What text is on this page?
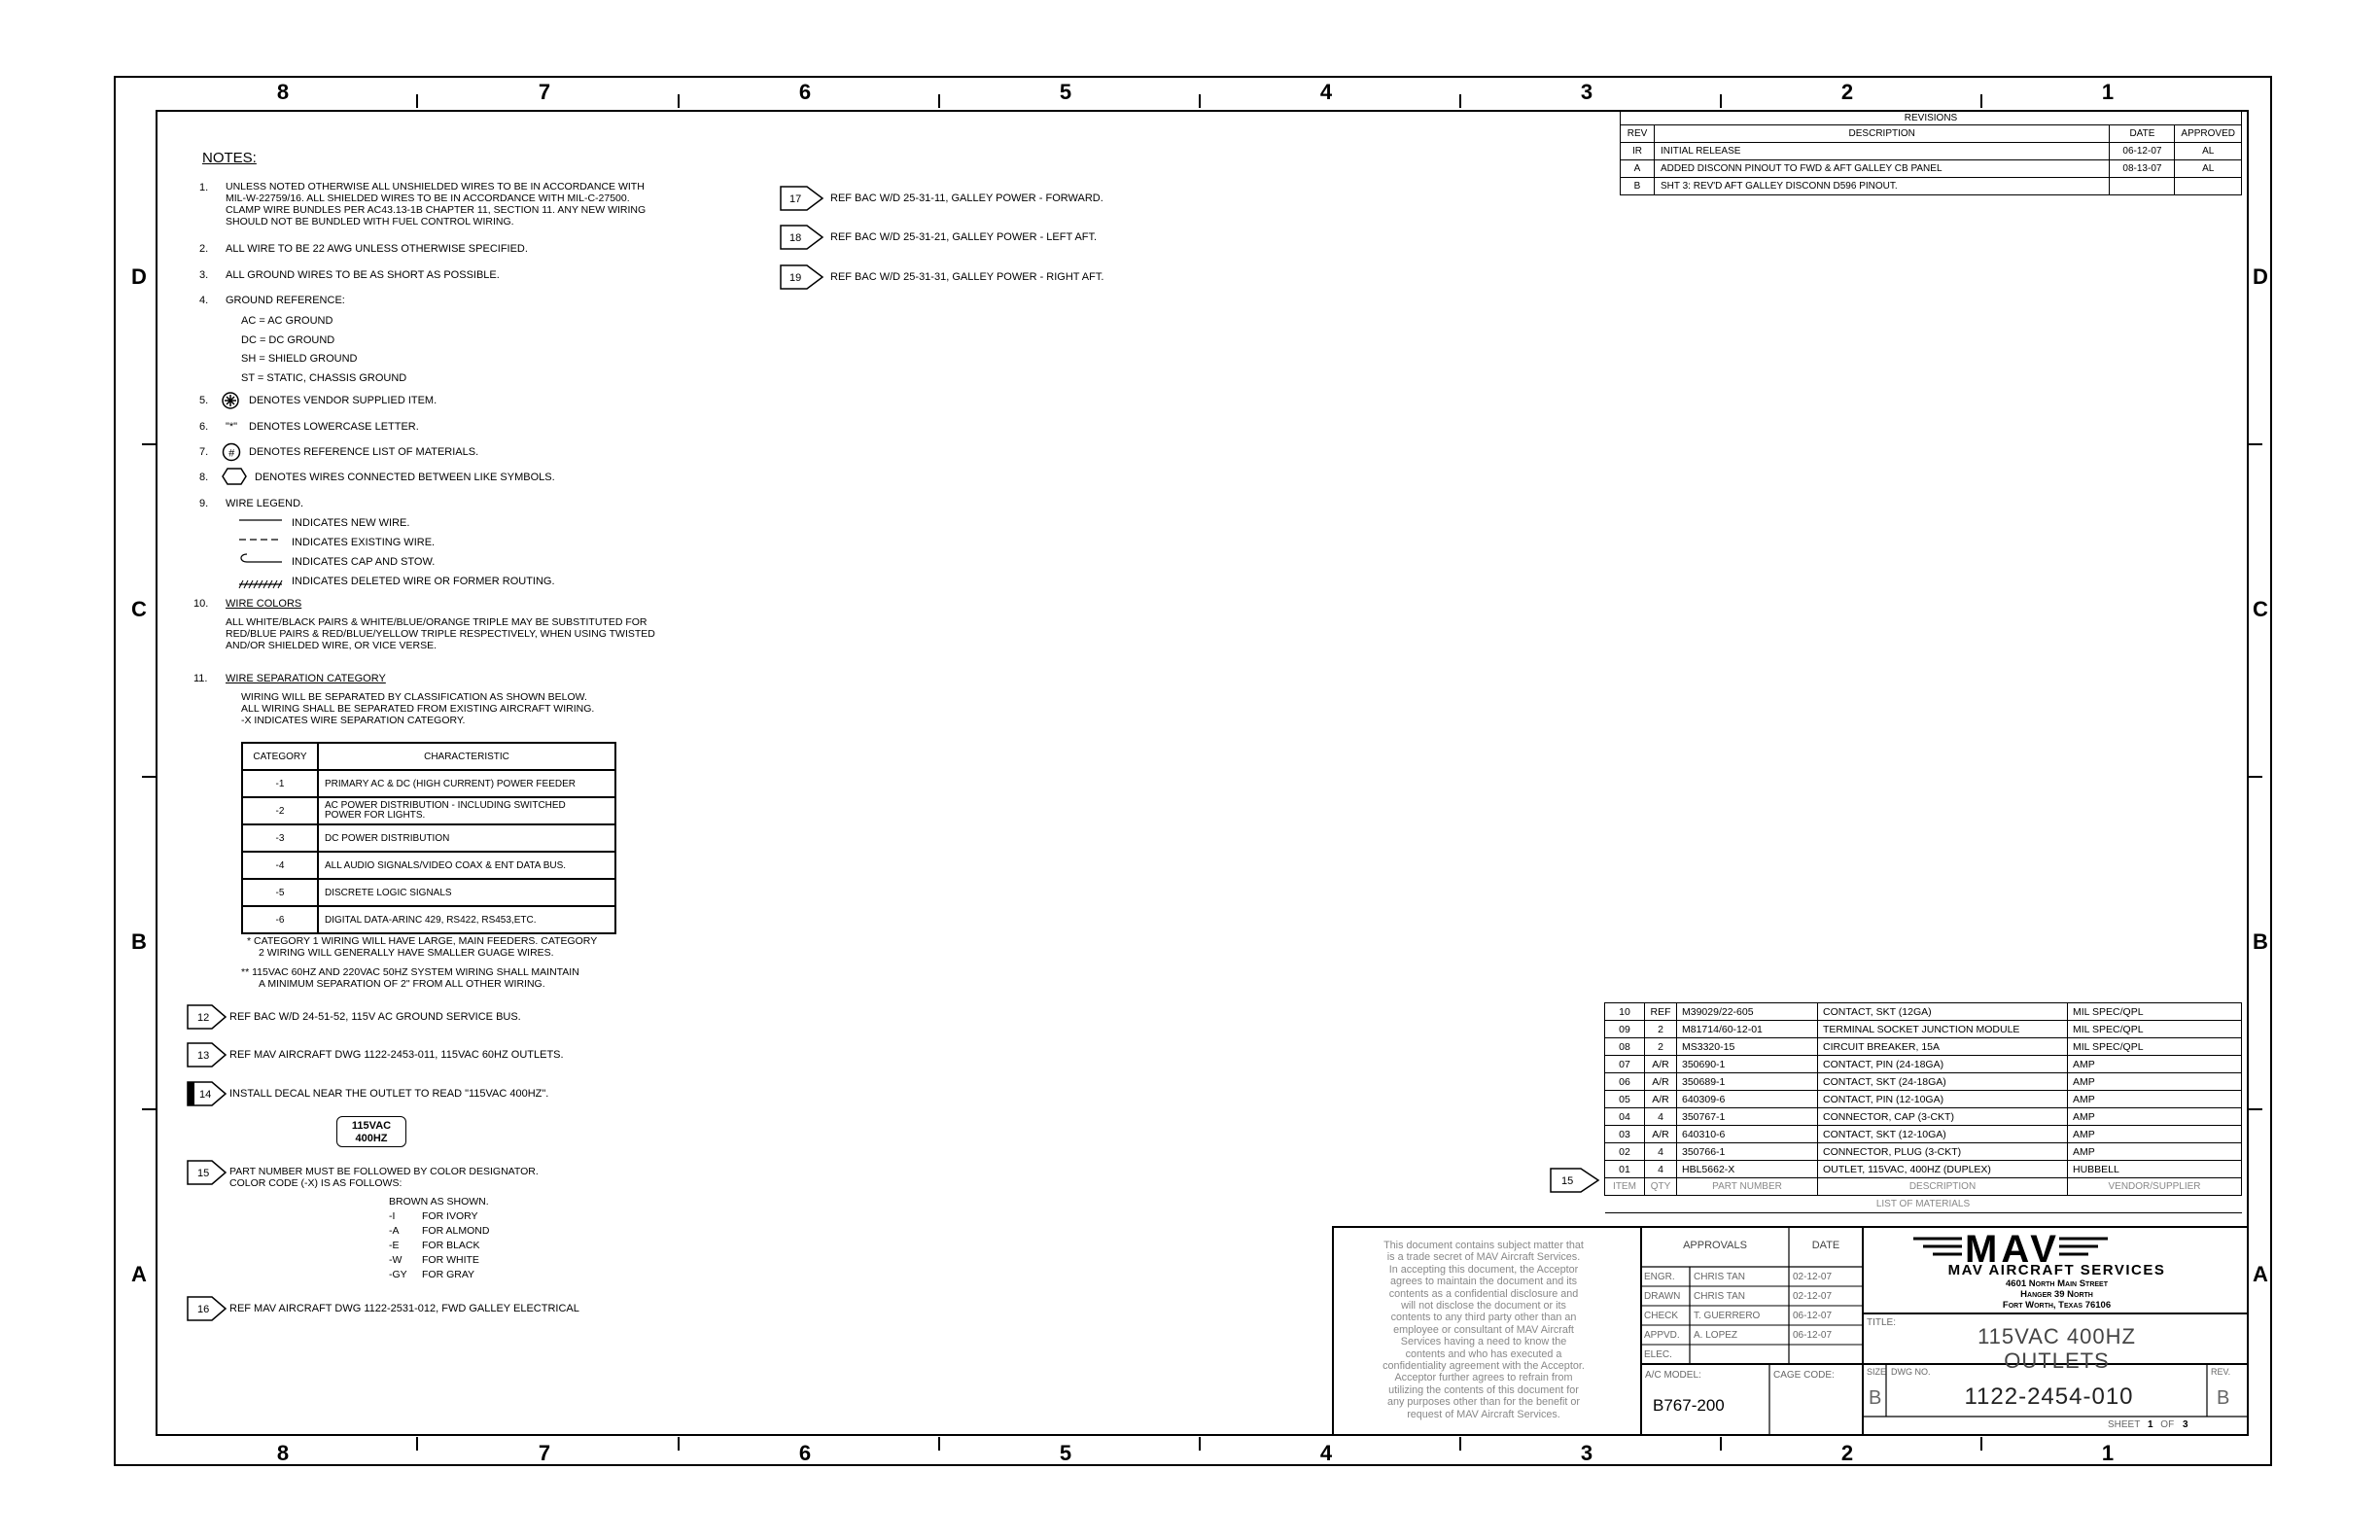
8	7	6	5	4	3	2	1
8	7	6	5	4	3	2	1
D
C
B
A
D
C
B
A
NOTES:
1. UNLESS NOTED OTHERWISE ALL UNSHIELDED WIRES TO BE IN ACCORDANCE WITH
MIL-W-22759/16. ALL SHIELDED WIRES TO BE IN ACCORDANCE WITH MIL-C-27500.
CLAMP WIRE BUNDLES PER AC43.13-1B CHAPTER 11, SECTION 11. ANY NEW WIRING
SHOULD NOT BE BUNDLED WITH FUEL CONTROL WIRING.
2. ALL WIRE TO BE 22 AWG UNLESS OTHERWISE SPECIFIED.
3. ALL GROUND WIRES TO BE AS SHORT AS POSSIBLE.
4. GROUND REFERENCE:
AC = AC GROUND
DC = DC GROUND
SH = SHIELD GROUND
ST = STATIC, CHASSIS GROUND
5.	DENOTES VENDOR SUPPLIED ITEM.
6. "*" DENOTES LOWERCASE LETTER.
7. # DENOTES REFERENCE LIST OF MATERIALS.
8.	DENOTES WIRES CONNECTED BETWEEN LIKE SYMBOLS.
9. WIRE LEGEND.
INDICATES NEW WIRE.
INDICATES EXISTING WIRE.
INDICATES CAP AND STOW.
INDICATES DELETED WIRE OR FORMER ROUTING.
10. WIRE COLORS
ALL WHITE/BLACK PAIRS & WHITE/BLUE/ORANGE TRIPLE MAY BE SUBSTITUTED FOR
RED/BLUE PAIRS & RED/BLUE/YELLOW TRIPLE RESPECTIVELY, WHEN USING TWISTED
AND/OR SHIELDED WIRE, OR VICE VERSE.
11. WIRE SEPARATION CATEGORY
WIRING WILL BE SEPARATED BY CLASSIFICATION AS SHOWN BELOW.
ALL WIRING SHALL BE SEPARATED FROM EXISTING AIRCRAFT WIRING.
-X INDICATES WIRE SEPARATION CATEGORY.
CATEGORY	CHARACTERISTIC
-1	PRIMARY AC & DC (HIGH CURRENT) POWER FEEDER
-2	AC POWER DISTRIBUTION - INCLUDING SWITCHED
POWER FOR LIGHTS.

-3	DC POWER DISTRIBUTION
-4	ALL AUDIO SIGNALS/VIDEO COAX & ENT DATA BUS.
-5	DISCRETE LOGIC SIGNALS
-6	DIGITAL DATA-ARINC 429, RS422, RS453,ETC.
* CATEGORY 1 WIRING WILL HAVE LARGE, MAIN FEEDERS. CATEGORY
2 WIRING WILL GENERALLY HAVE SMALLER GUAGE WIRES.
** 115VAC 60HZ AND 220VAC 50HZ SYSTEM WIRING SHALL MAINTAIN
A MINIMUM SEPARATION OF 2" FROM ALL OTHER WIRING.
12 REF BAC W/D 24-51-52, 115V AC GROUND SERVICE BUS.
13 REF MAV AIRCRAFT DWG 1122-2453-011, 115VAC 60HZ OUTLETS.
14 INSTALL DECAL NEAR THE OUTLET TO READ "115VAC 400HZ".
115VAC
400HZ
15 PART NUMBER MUST BE FOLLOWED BY COLOR DESIGNATOR.
COLOR CODE (-X) IS AS FOLLOWS:
BROWN AS SHOWN.
-I	FOR IVORY
-A FOR ALMOND
-E FOR BLACK
-W FOR WHITE
-GY FOR GRAY
16 REF MAV AIRCRAFT DWG 1122-2531-012, FWD GALLEY ELECTRICAL
17	REF BAC W/D 25-31-11, GALLEY POWER - FORWARD.
18	REF BAC W/D 25-31-21, GALLEY POWER - LEFT AFT.
19	REF BAC W/D 25-31-31, GALLEY POWER - RIGHT AFT.
REVISIONS			
REV	DESCRIPTION	DATE	APPROVED
IR	INITIAL RELEASE	06-12-07	AL
A	ADDED DISCONN PINOUT TO FWD & AFT GALLEY CB PANEL	08-13-07	AL
B	SHT 3: REV'D AFT GALLEY DISCONN D596 PINOUT.		
10	REF	M39029/22-605	CONTACT, SKT (12GA)	MIL SPEC/QPL
09	2	M81714/60-12-01	TERMINAL SOCKET JUNCTION MODULE	MIL SPEC/QPL
08	2	MS3320-15	CIRCUIT BREAKER, 15A	MIL SPEC/QPL
07	A/R	350690-1	CONTACT, PIN (24-18GA)	AMP
06	A/R	350689-1	CONTACT, SKT (24-18GA)	AMP
05	A/R	640309-6	CONTACT, PIN (12-10GA)	AMP
04	4	350767-1	CONNECTOR, CAP (3-CKT)	AMP
03	A/R	640310-6	CONTACT, SKT (12-10GA)	AMP
02	4	350766-1	CONNECTOR, PLUG (3-CKT)	AMP
01	4	HBL5662-X	OUTLET, 115VAC, 400HZ (DUPLEX)	HUBBELL
ITEM	QTY	PART NUMBER	DESCRIPTION	VENDOR/SUPPLIER
LIST OF MATERIALS				
15
This document contains subject matter that
is a trade secret of MAV Aircraft Services.
In accepting this document, the Acceptor
agrees to maintain the document and its
contents as a confidential disclosure and
will not disclose the document or its
contents to any third party other than an
employee or consultant of MAV Aircraft
Services having a need to know the
contents and who has executed a
confidentiality agreement with the Acceptor.
Acceptor further agrees to refrain from
utilizing the contents of this document for
any purposes other than for the benefit or
request of MAV Aircraft Services.
APPROVALS	DATE
ENGR. CHRIS TAN	02-12-07
DRAWN CHRIS TAN	02-12-07
CHECK T. GUERRERO	06-12-07
APPVD. A. LOPEZ	06-12-07
ELEC.
A/C MODEL:
B767-200
CAGE CODE:
MAV
MAV AIRCRAFT SERVICES
4601 North Main Street
Hanger 39 North
Fort Worth, Texas 76106
TITLE:
115VAC 400HZ
OUTLETS
SIZE
B
DWG NO.
1122-2454-010
REV.
B
SHEET 1 OF 3
